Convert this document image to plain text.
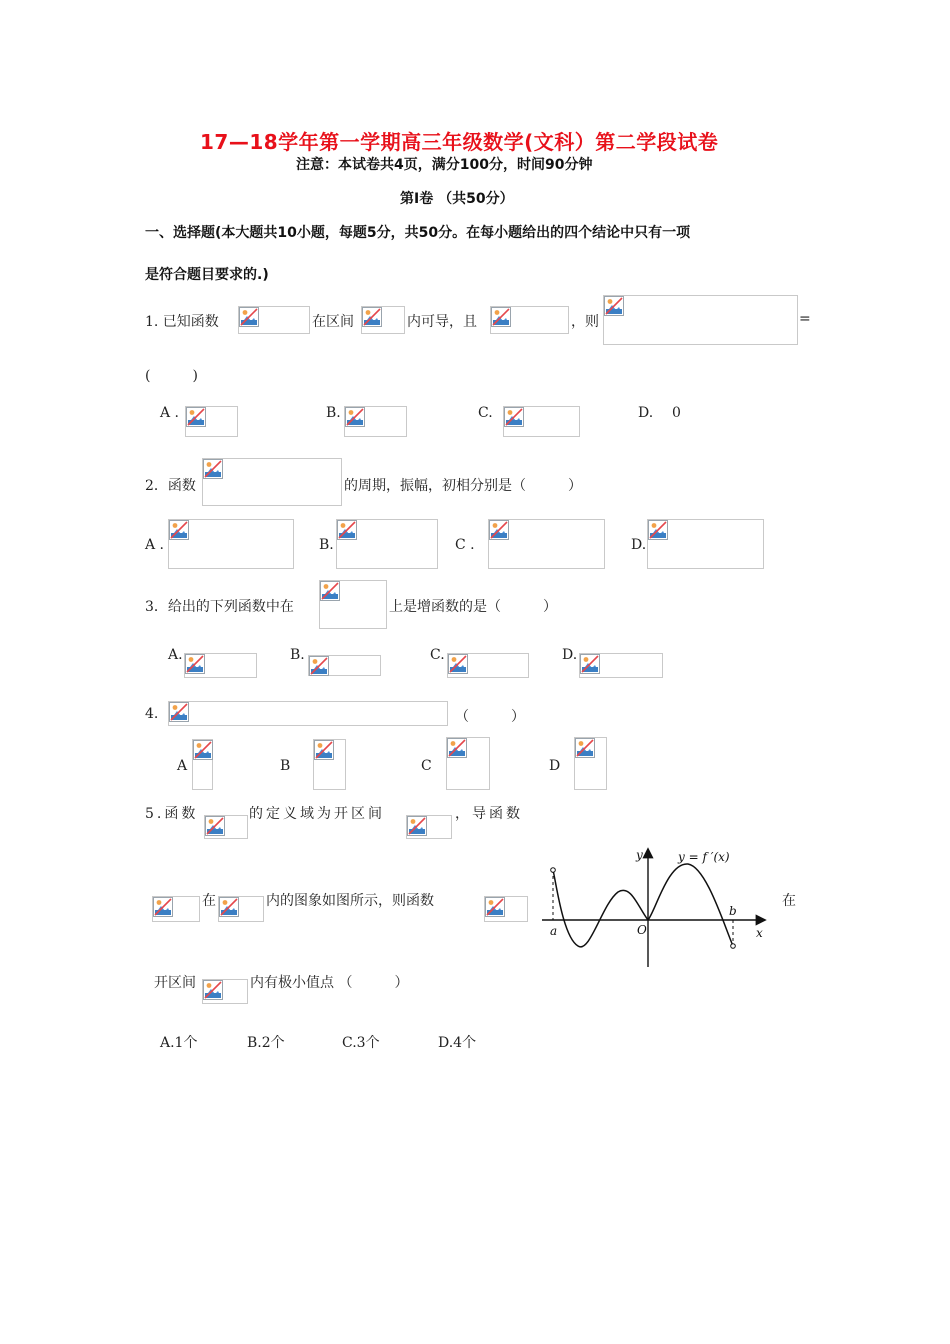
17—18学年第一学期高三年级数学(文科）第二学段试卷
注意：本试卷共4页，满分100分，时间90分钟
第I卷 （共50分）
一、选择题(本大题共10小题，每题5分，共50分。在每小题给出的四个结论中只有一项
是符合题目要求的.)
1. 已知函数	在区间	内可导，且	，则	=
(　　　)
A .	B.	C.	D. 0
2．函数	的周期，振幅，初相分别是（　　　）
A .	B.	C .	D.
3．给出的下列函数中在	上是增函数的是（　　　）
A.	B.	C.	D.
4.	（　　　）
A	B	C	D
5.函数	的定义域为开区间	，导函数
在	内的图象如图所示，则函数	在
y
x
y = f ′(x)
a
b
O
开区间	内有极小值点 （　　　）
A.1个	B.2个	C.3个	D.4个
